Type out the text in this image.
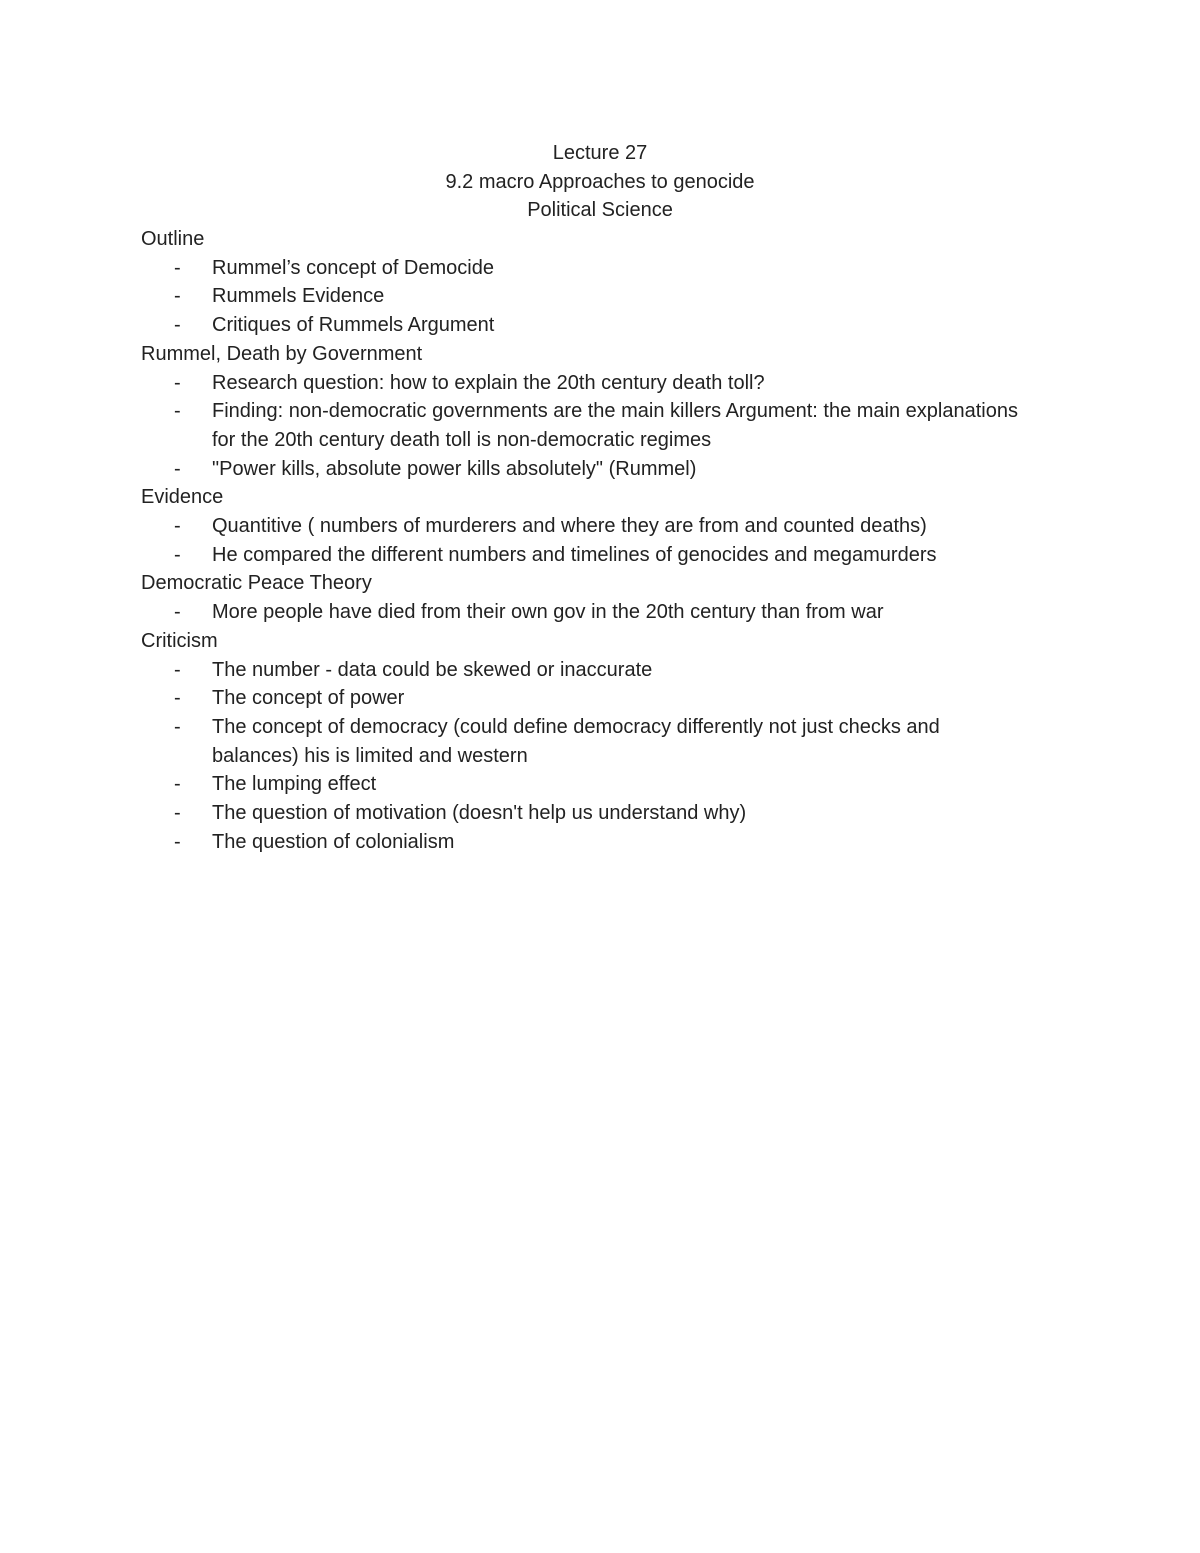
Lecture 27
9.2 macro Approaches to genocide
Political Science
Outline
- Rummel’s concept of Democide
- Rummels Evidence
- Critiques of Rummels Argument
Rummel, Death by Government
- Research question: how to explain the 20th century death toll?
- Finding: non-democratic governments are the main killers Argument: the main explanations for the 20th century death toll is non-democratic regimes
- "Power kills, absolute power kills absolutely" (Rummel)
Evidence
- Quantitive ( numbers of murderers and where they are from and counted deaths)
- He compared the different numbers and timelines of genocides and megamurders
Democratic Peace Theory
- More people have died from their own gov in the 20th century than from war
Criticism
- The number - data could be skewed or inaccurate
- The concept of power
- The concept of democracy (could define democracy differently not just checks and balances) his is limited and western
- The lumping effect
- The question of motivation (doesn't help us understand why)
- The question of colonialism
